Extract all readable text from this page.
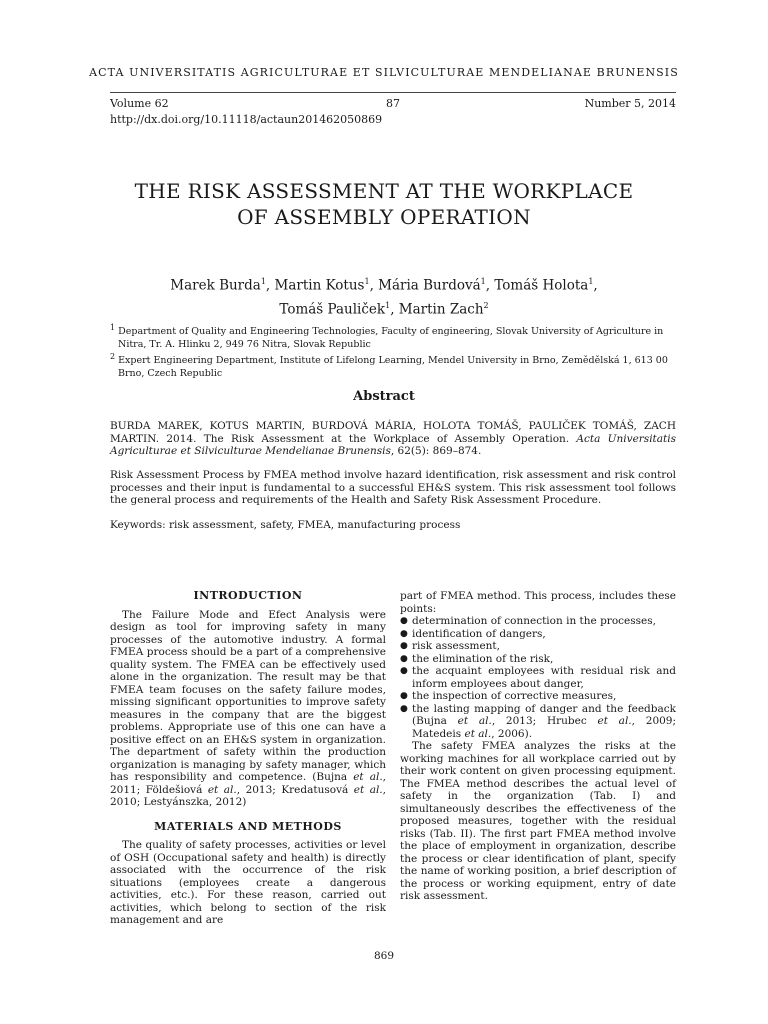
ACTA UNIVERSITATIS AGRICULTURAE ET SILVICULTURAE MENDELIANAE BRUNENSIS
Volume 62	87	Number 5, 2014
http://dx.doi.org/10.11118/actaun201462050869
THE RISK ASSESSMENT AT THE WORKPLACE
OF ASSEMBLY OPERATION
Marek Burda$^1$, Martin Kotus$^1$, Mária Burdová$^1$, Tomáš Holota$^1$,
Tomáš Pauliček$^1$, Martin Zach$^2$

$^1$ Department of Quality and Engineering Technologies, Faculty of engineering, Slovak University of Agriculture in Nitra, Tr. A. Hlinku 2, 949 76 Nitra, Slovak Republic

$^2$ Expert Engineering Department, Institute of Lifelong Learning, Mendel University in Brno, Zemědělská 1, 613 00 Brno, Czech Republic

Abstract

BURDA MAREK, KOTUS MARTIN, BURDOVÁ MÁRIA, HOLOTA TOMÁŠ, PAULIČEK TOMÁŠ, ZACH MARTIN. 2014. The Risk Assessment at the Workplace of Assembly Operation. Acta Universitatis Agriculturae et Silviculturae Mendelianae Brunensis, 62(5): 869–874.

Risk Assessment Process by FMEA method involve hazard identification, risk assessment and risk control processes and their input is fundamental to a successful EH&S system. This risk assessment tool follows the general process and requirements of the Health and Safety Risk Assessment Procedure.

Keywords: risk assessment, safety, FMEA, manufacturing process

INTRODUCTION

The Failure Mode and Efect Analysis were design as tool for improving safety in many processes of the automotive industry. A formal FMEA process should be a part of a comprehensive quality system. The FMEA can be effectively used alone in the organization. The result may be that FMEA team focuses on the safety failure modes, missing significant opportunities to improve safety measures in the company that are the biggest problems. Appropriate use of this one can have a positive effect on an EH&S system in organization. The department of safety within the production organization is managing by safety manager, which has responsibility and competence. (Bujna et al., 2011; Földešiová et al., 2013; Kredatusová et al., 2010; Lestyánszka, 2012)

MATERIALS AND METHODS

The quality of safety processes, activities or level of OSH (Occupational safety and health) is directly associated with the occurrence of the risk situations (employees create a dangerous activities, etc.). For these reason, carried out activities, which belong to section of the risk management and are

part of FMEA method. This process, includes these points:

● determination of connection in the processes,
● identification of dangers,
● risk assessment,
● the elimination of the risk,
● the acquaint employees with residual risk and inform employees about danger,
● the inspection of corrective measures,
● the lasting mapping of danger and the feedback (Bujna et al., 2013; Hrubec et al., 2009; Matedeis et al., 2006).

The safety FMEA analyzes the risks at the working machines for all workplace carried out by their work content on given processing equipment. The FMEA method describes the actual level of safety in the organization (Tab. I) and simultaneously describes the effectiveness of the proposed measures, together with the residual risks (Tab. II). The first part FMEA method involve the place of employment in organization, describe the process or clear identification of plant, specify the name of working position, a brief description of the process or working equipment, entry of date risk assessment.

869
